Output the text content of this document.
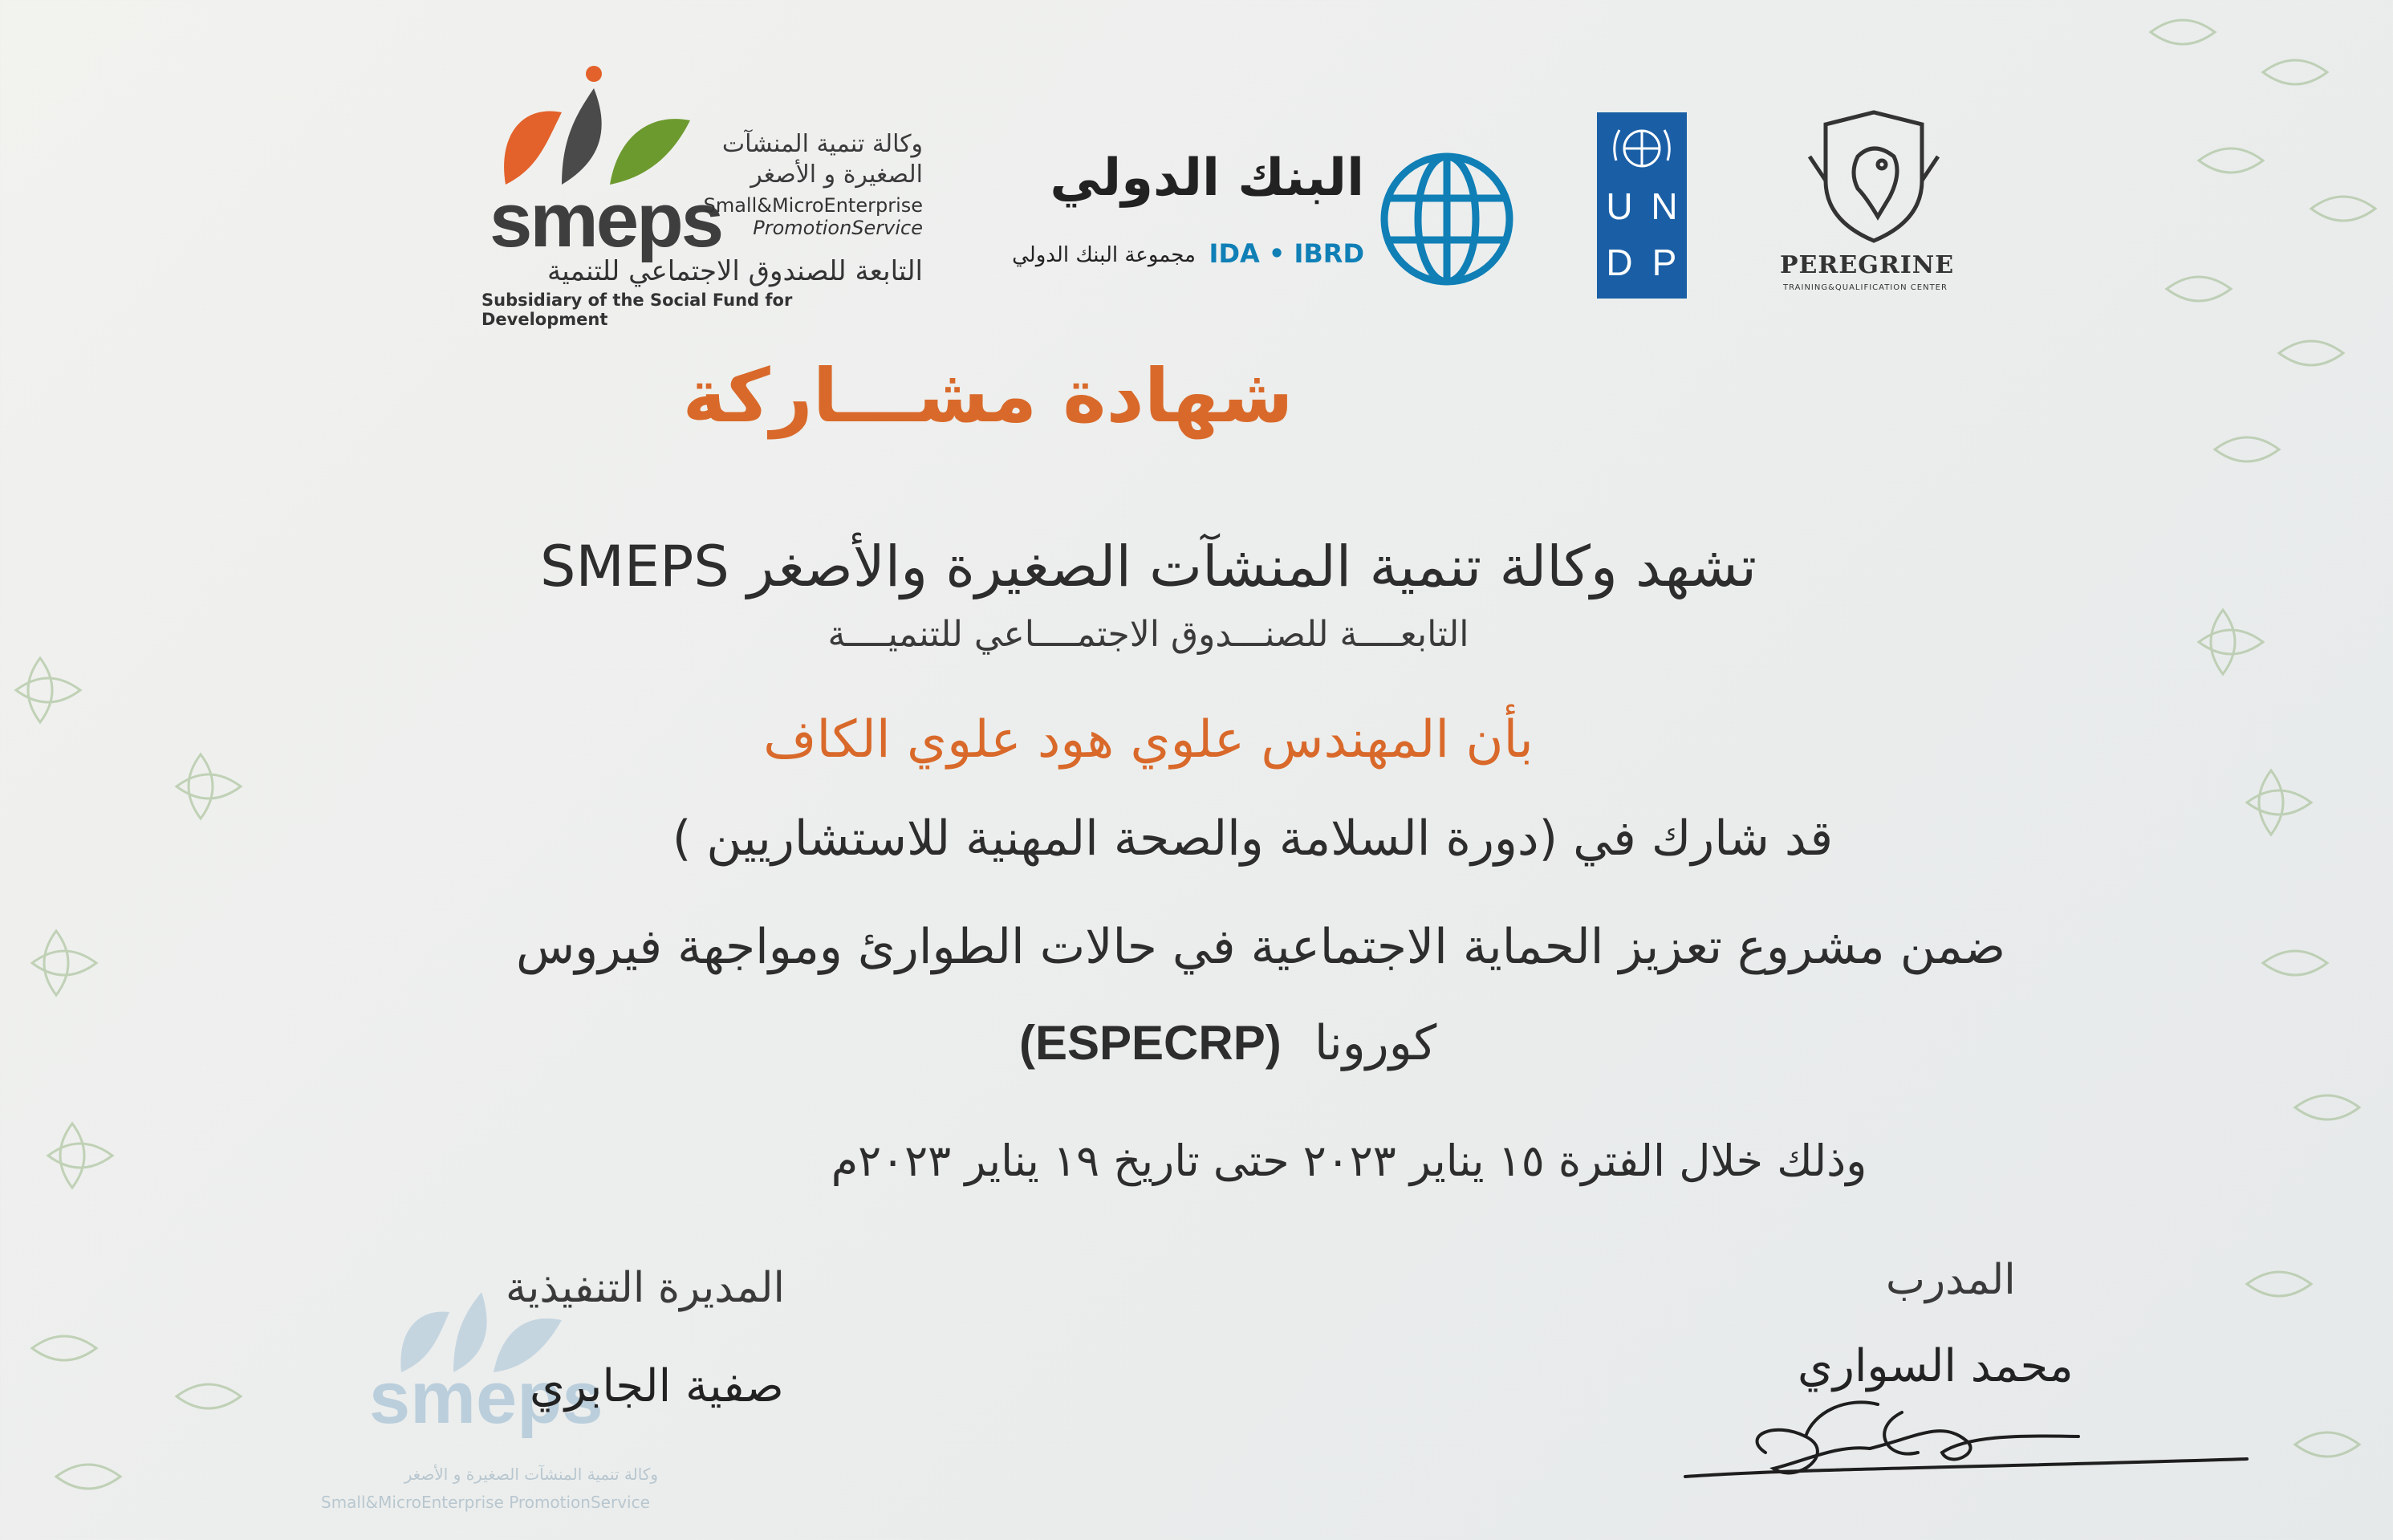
smeps
وكالة تنمية المنشآت
الصغيرة و الأصغر
Small&MicroEnterprise
PromotionService
التابعة للصندوق الاجتماعي للتنمية
Subsidiary of the Social Fund for Development
البنك الدولي
IDA • IBRD
مجموعة البنك الدولي
U N
D P	PEREGRINE
TRAINING&QUALIFICATION CENTER
شهادة مشـــاركة
تشهد وكالة تنمية المنشآت الصغيرة والأصغر SMEPS
التابعــــة للصنـــدوق الاجتمــــاعي للتنميــــة
بأن المهندس علوي هود علوي الكاف
قد شارك في (دورة السلامة والصحة المهنية للاستشاريين )
ضمن مشروع تعزيز الحماية الاجتماعية في حالات الطوارئ ومواجهة فيروس
(ESPECRP) كورونا
وذلك خلال الفترة ١٥ يناير ٢٠٢٣ حتى تاريخ ١٩ يناير ٢٠٢٣م
smeps
وكالة تنمية المنشآت الصغيرة و الأصغر
Small&MicroEnterprise PromotionService
المديرة التنفيذية
صفية الجابري
المدرب
محمد السواري
